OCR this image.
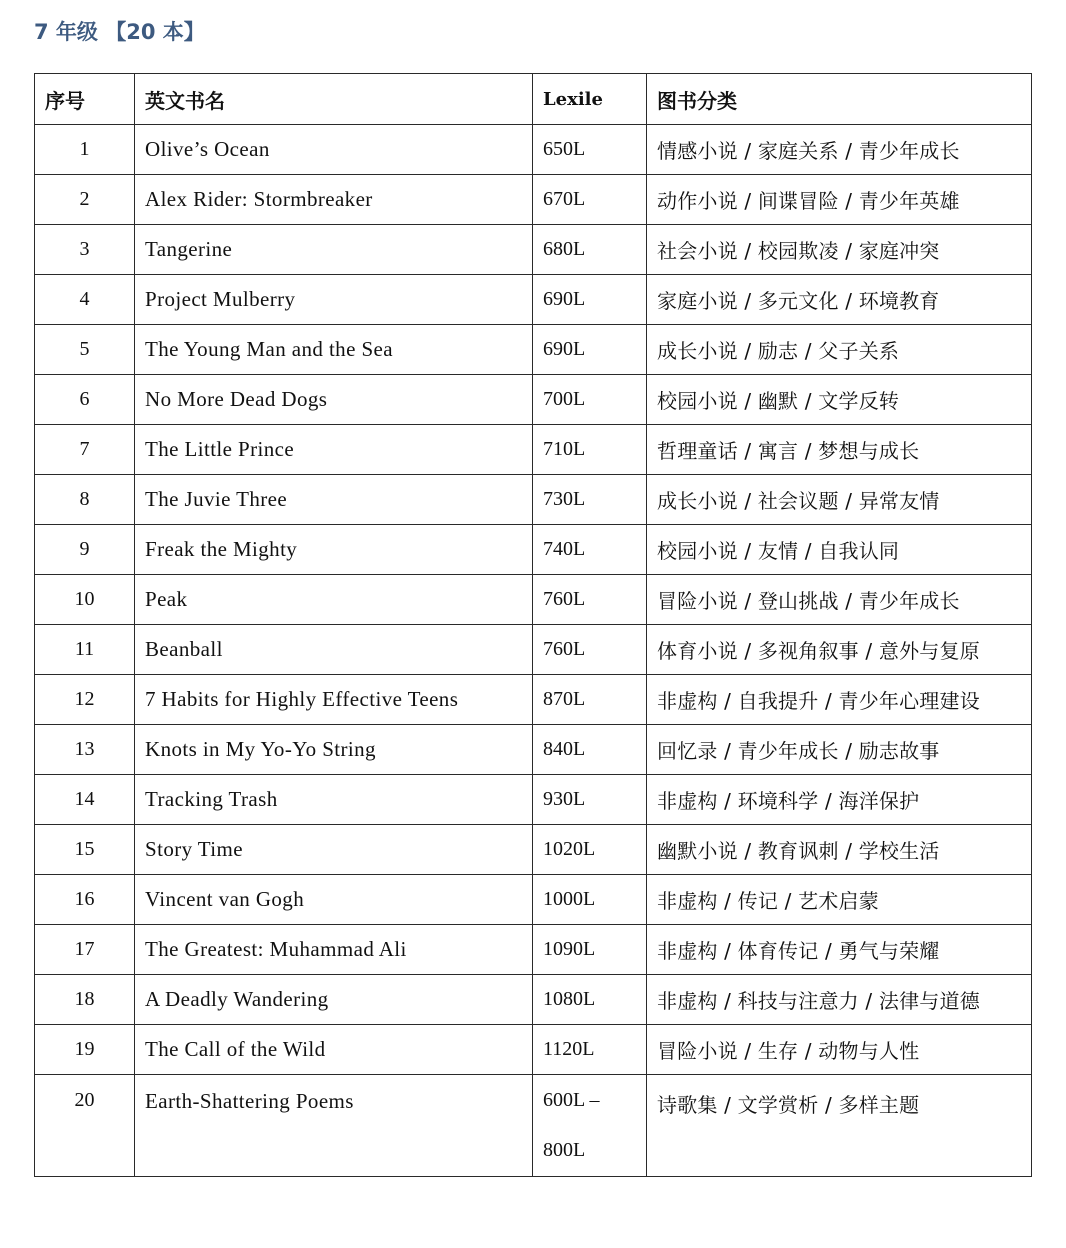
7 年级 【20 本】
序号	英文书名	Lexile	图书分类
1	Olive’s Ocean	650L	情感小说 / 家庭关系 / 青少年成长
2	Alex Rider: Stormbreaker	670L	动作小说 / 间谍冒险 / 青少年英雄
3	Tangerine	680L	社会小说 / 校园欺凌 / 家庭冲突
4	Project Mulberry	690L	家庭小说 / 多元文化 / 环境教育
5	The Young Man and the Sea	690L	成长小说 / 励志 / 父子关系
6	No More Dead Dogs	700L	校园小说 / 幽默 / 文学反转
7	The Little Prince	710L	哲理童话 / 寓言 / 梦想与成长
8	The Juvie Three	730L	成长小说 / 社会议题 / 异常友情
9	Freak the Mighty	740L	校园小说 / 友情 / 自我认同
10	Peak	760L	冒险小说 / 登山挑战 / 青少年成长
11	Beanball	760L	体育小说 / 多视角叙事 / 意外与复原
12	7 Habits for Highly Effective Teens	870L	非虚构 / 自我提升 / 青少年心理建设
13	Knots in My Yo-Yo String	840L	回忆录 / 青少年成长 / 励志故事
14	Tracking Trash	930L	非虚构 / 环境科学 / 海洋保护
15	Story Time	1020L	幽默小说 / 教育讽刺 / 学校生活
16	Vincent van Gogh	1000L	非虚构 / 传记 / 艺术启蒙
17	The Greatest: Muhammad Ali	1090L	非虚构 / 体育传记 / 勇气与荣耀
18	A Deadly Wandering	1080L	非虚构 / 科技与注意力 / 法律与道德
19	The Call of the Wild	1120L	冒险小说 / 生存 / 动物与人性
20	Earth-Shattering Poems	600L – 800L	诗歌集 / 文学赏析 / 多样主题
